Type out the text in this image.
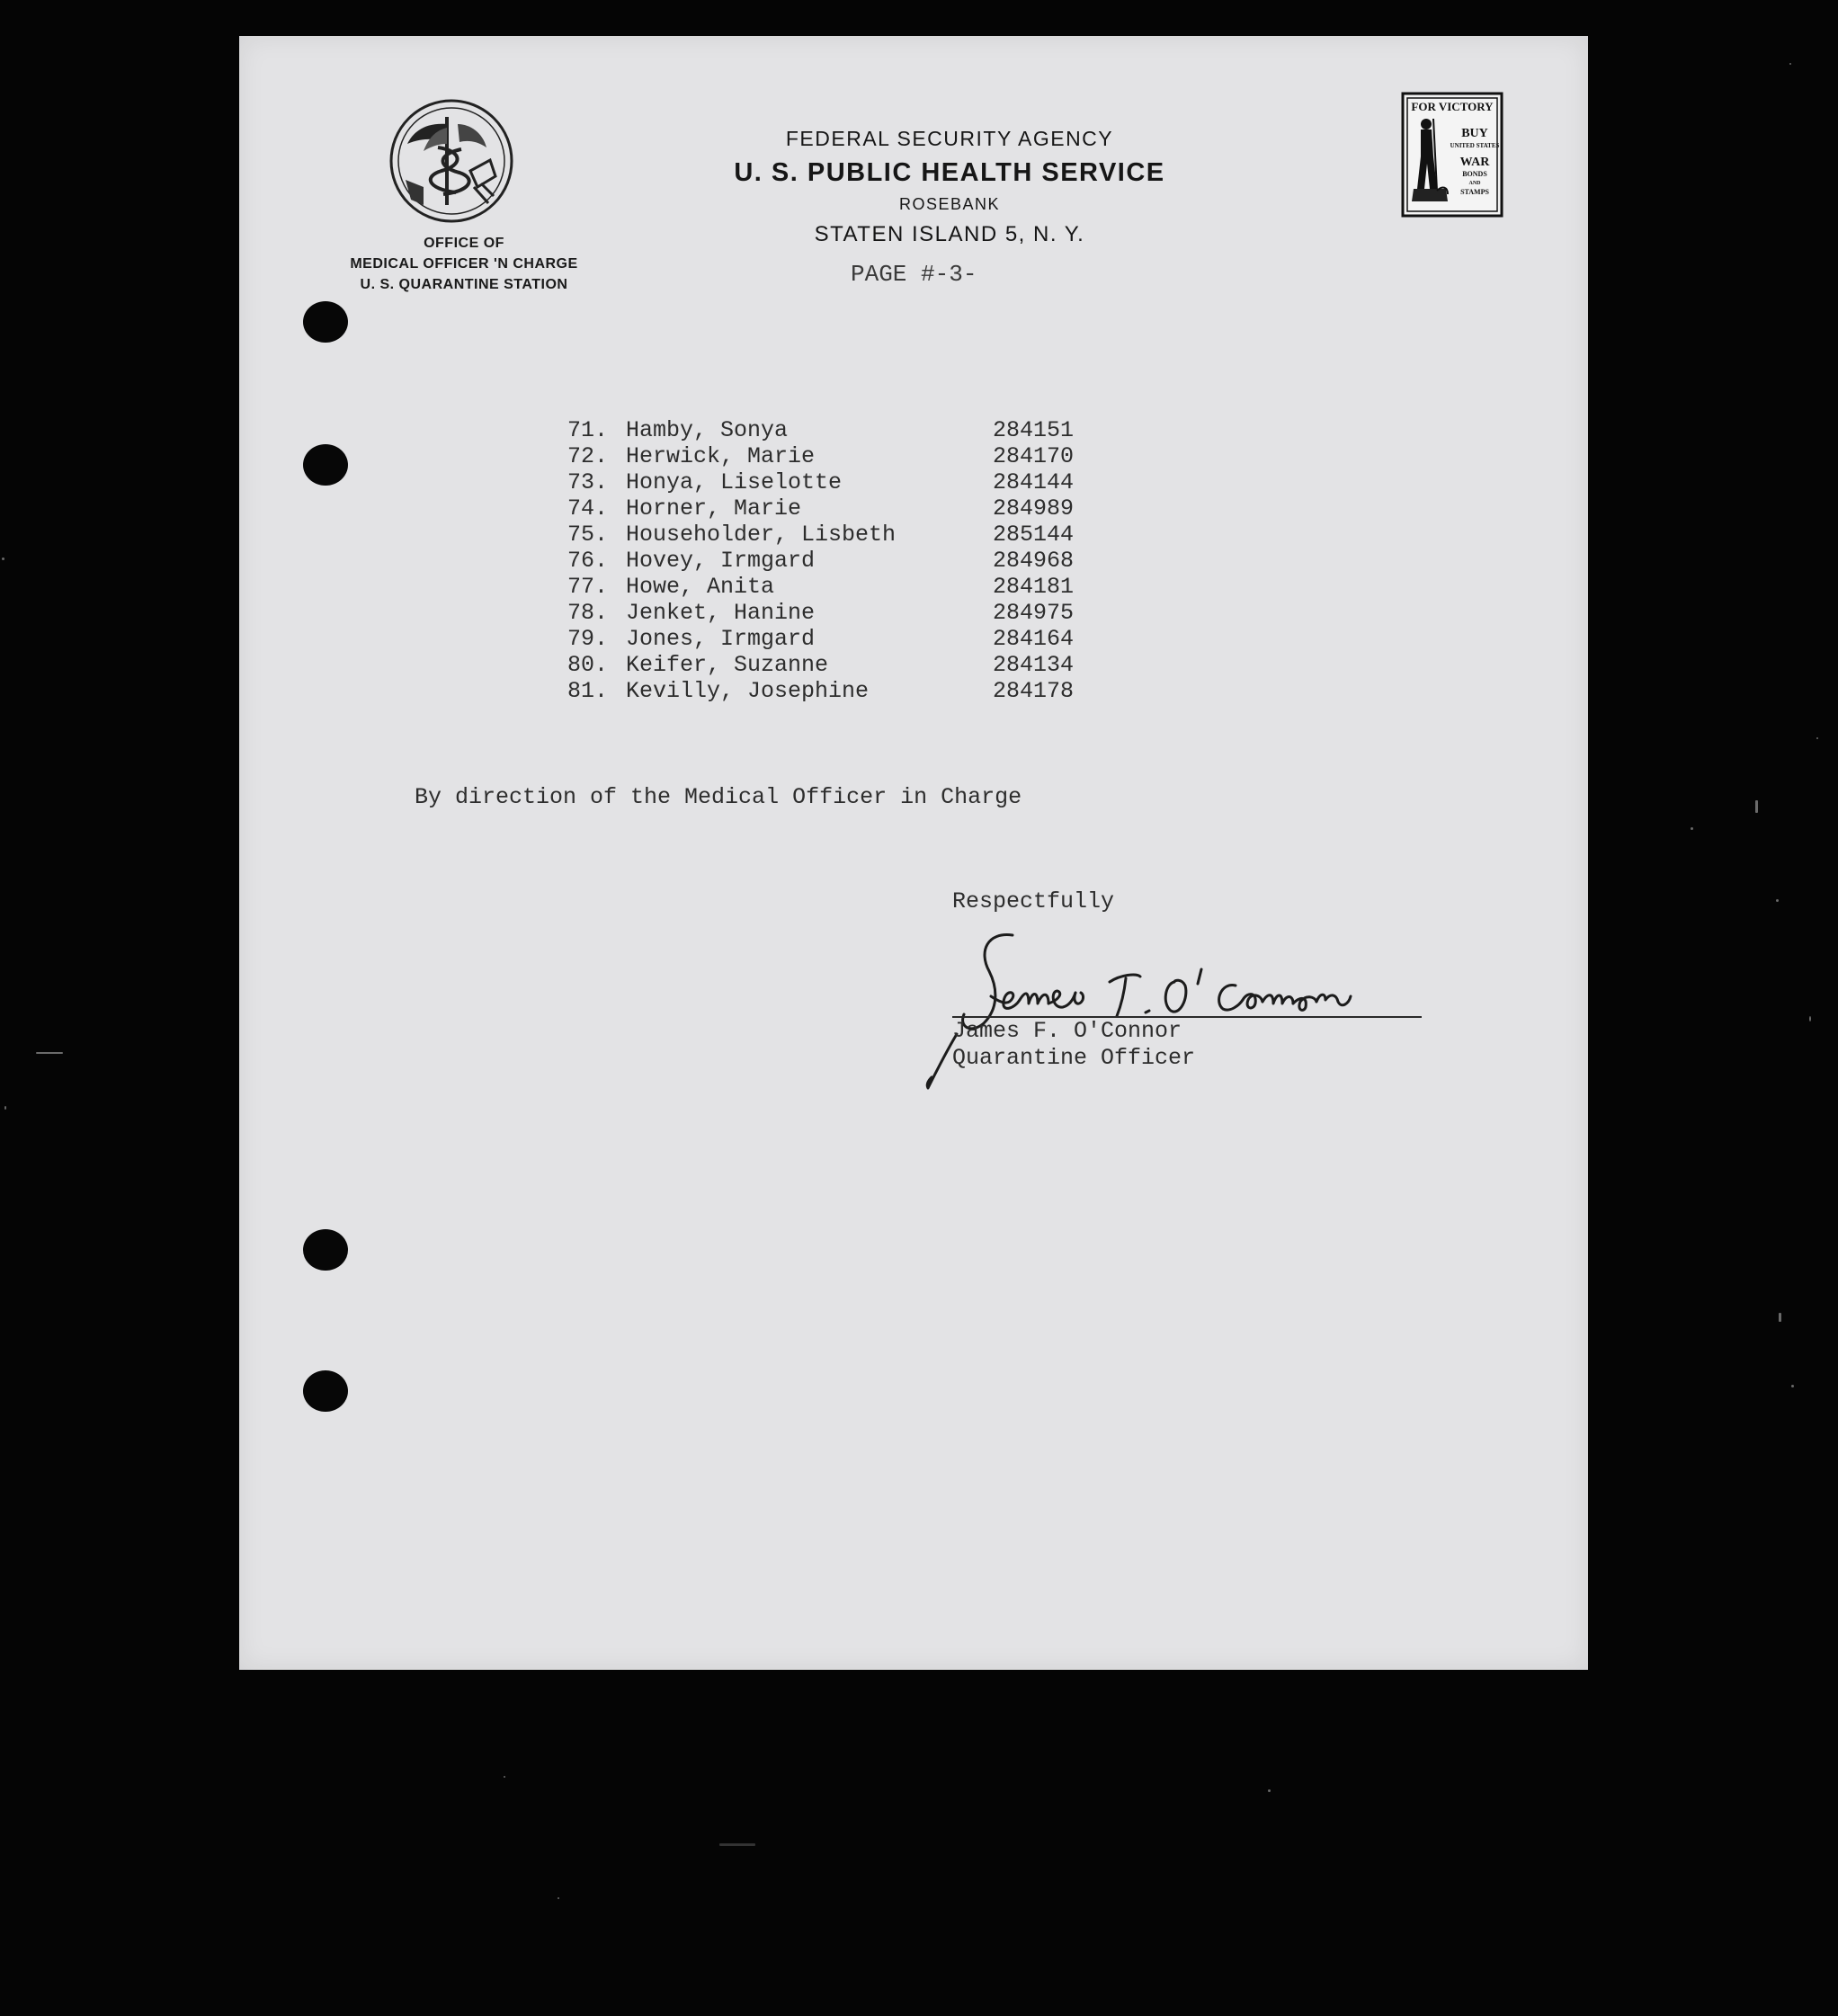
OFFICE OF
MEDICAL OFFICER 'N CHARGE
U. S. QUARANTINE STATION
FEDERAL SECURITY AGENCY
U. S. PUBLIC HEALTH SERVICE
ROSEBANK
STATEN ISLAND 5, N. Y.
FOR VICTORY
BUY
UNITED STATES
WAR
BONDS
AND
STAMPS
PAGE #-3-
71. Hamby, Sonya	284151
72. Herwick, Marie	284170
73. Honya, Liselotte	284144
74. Horner, Marie	284989
75. Householder, Lisbeth	285144
76. Hovey, Irmgard	284968
77. Howe, Anita	284181
78. Jenket, Hanine	284975
79. Jones, Irmgard	284164
80. Keifer, Suzanne	284134
81. Kevilly, Josephine	284178
By direction of the Medical Officer in Charge
Respectfully
James F. O'Connor
Quarantine Officer
